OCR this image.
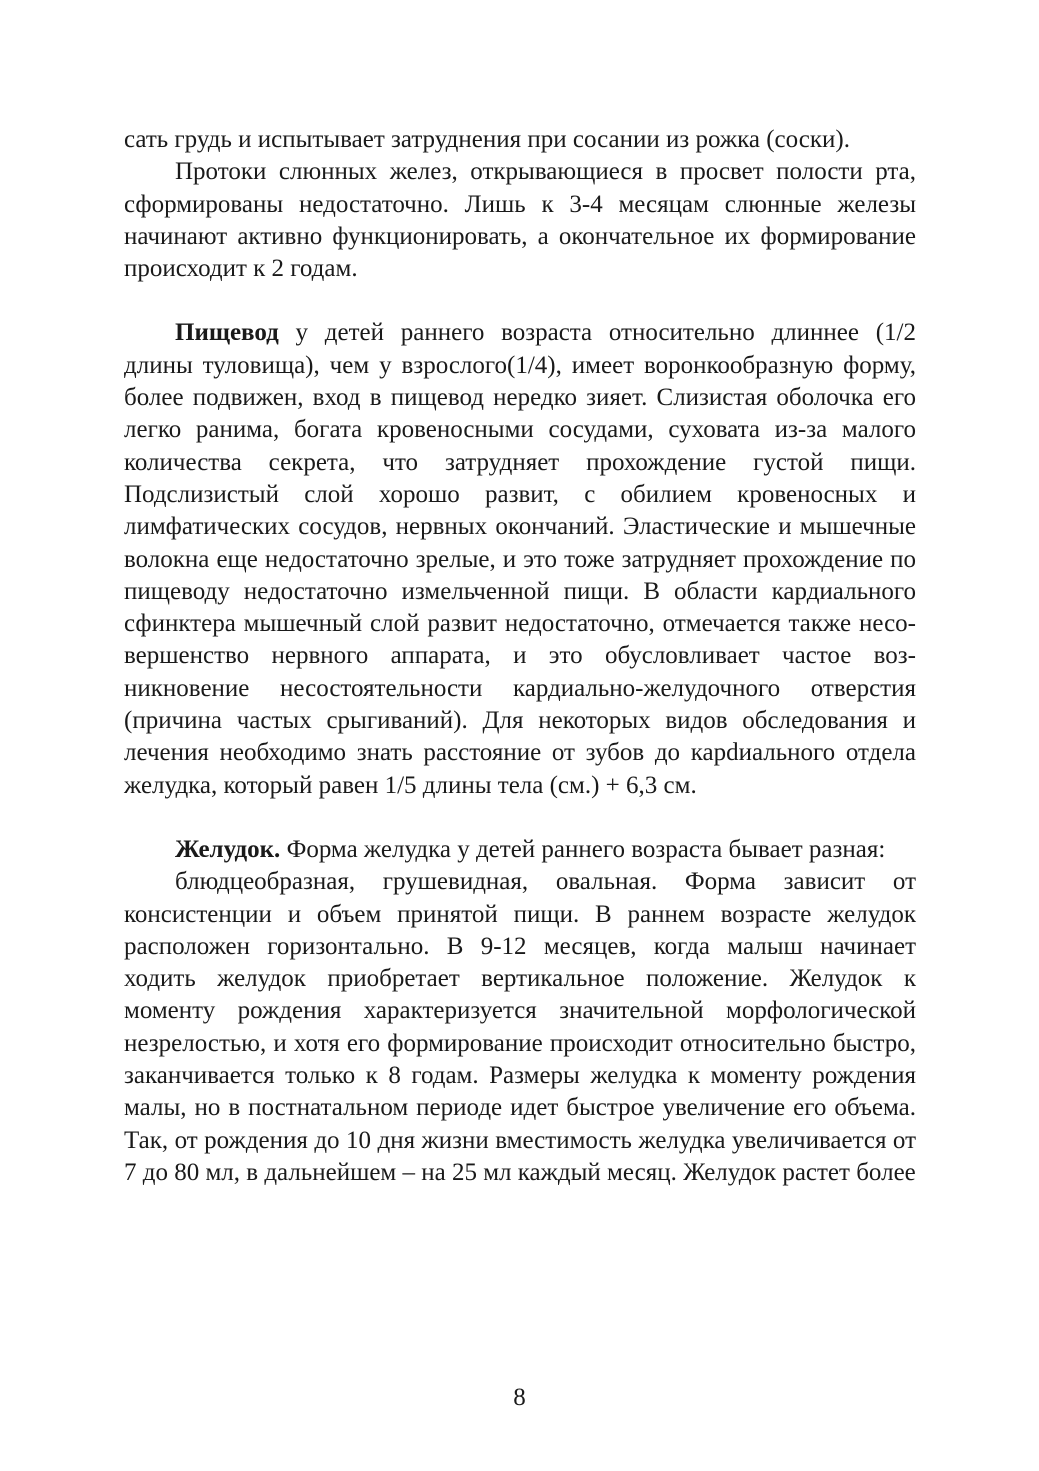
сать грудь и испытывает затруднения при сосании из рожка (соски).

Протоки слюнных желез, открывающиеся в просвет полости рта, сформированы недостаточно. Лишь к 3-4 месяцам слюнные железы начинают активно функционировать, а окончательное их формирование происходит к 2 годам.

Пищевод у детей раннего возраста относительно длиннее (1/2 длины туловища), чем у взрослого(1/4), имеет воронкообразную форму, более подвижен, вход в пищевод нередко зияет. Слизистая оболочка его легко ранима, богата кровеносными сосудами, суховата из-за малого количества секрета, что затрудняет прохождение густой пищи. Подслизистый слой хорошо развит, с обилием кровеносных и лимфатических сосудов, нервных окончаний. Эластические и мышечные волокна еще недостаточно зрелые, и это тоже затрудняет прохождение по пищеводу недостаточно измельченной пищи. В области кардиального сфинктера мышечный слой развит недостаточно, отмечается также несовершенство нервного аппарата, и это обусловливает частое возникновение несостоятельности кардиально-желудочного отверстия (причина частых срыгиваний). Для некоторых видов обследования и лечения необходимо знать расстояние от зубов до карdиального отдела желудка, который равен 1/5 длины тела (см.) + 6,3 см.

Желудок. Форма желудка у детей раннего возраста бывает разная:

блюдцеобразная, грушевидная, овальная. Форма зависит от консистенции и объем принятой пищи. В раннем возрасте желудок расположен горизонтально. В 9-12 месяцев, когда малыш начинает ходить желудок приобретает вертикальное положение. Желудок к моменту рождения характеризуется значительной морфологической незрелостью, и хотя его формирование происходит относительно быстро, заканчивается только к 8 годам. Размеры желудка к моменту рождения малы, но в постнатальном периоде идет быстрое увеличение его объема. Так, от рождения до 10 дня жизни вместимость желудка увеличивается от 7 до 80 мл, в дальнейшем – на 25 мл каждый месяц. Желудок растет более

8
